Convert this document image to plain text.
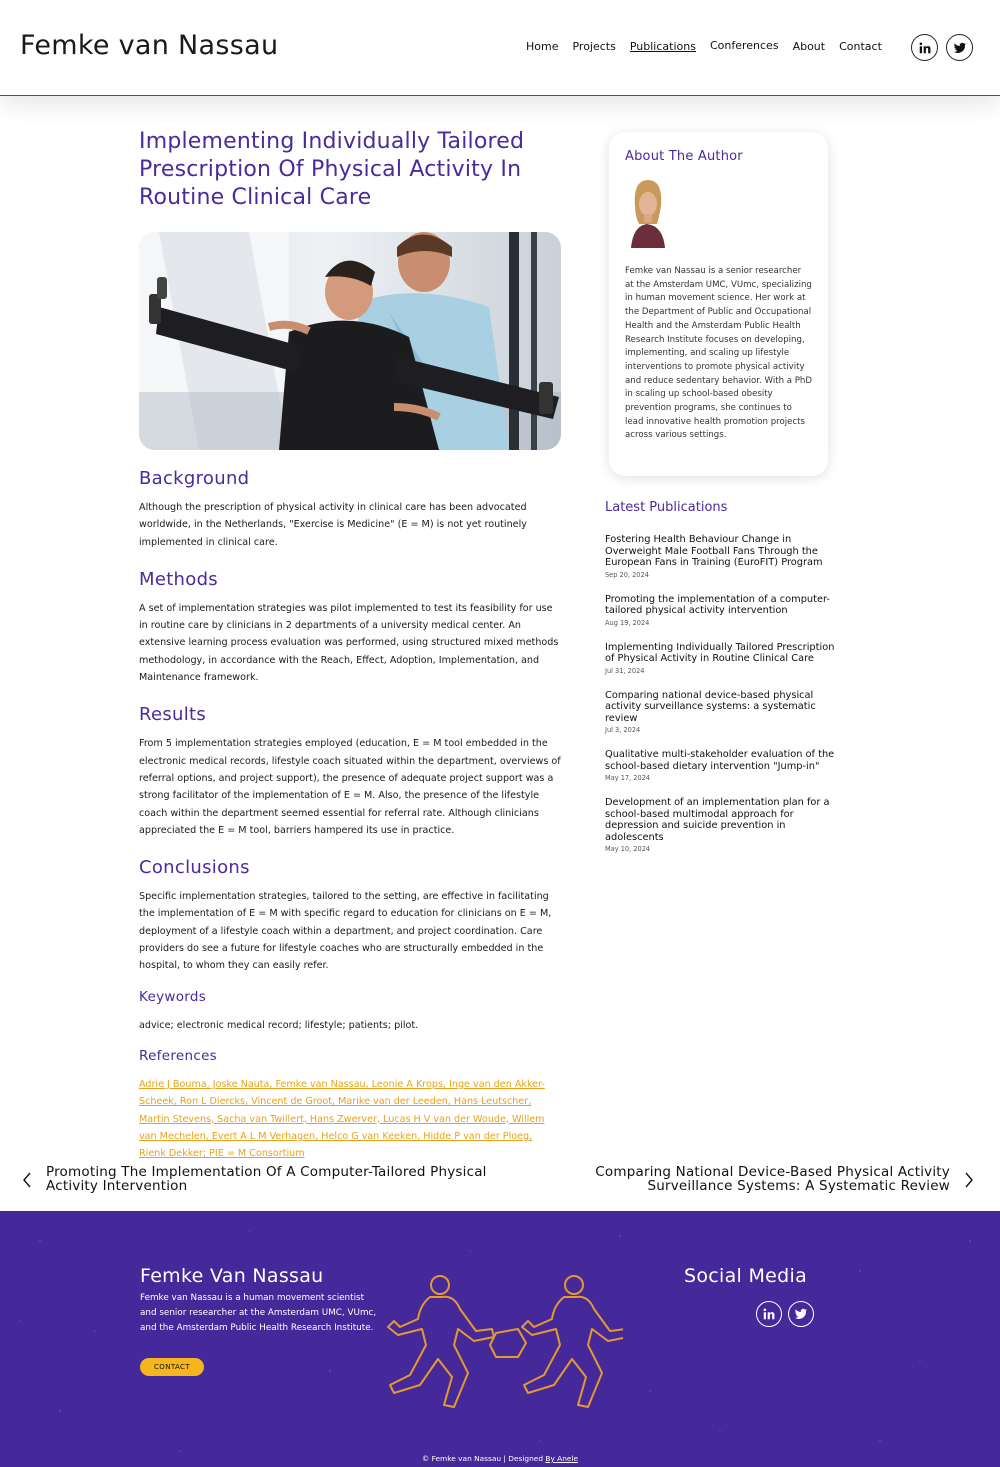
Femke van Nassau	Home Projects Publications Conferences About Contact
Implementing Individually Tailored Prescription Of Physical Activity In Routine Clinical Care
Background

Although the prescription of physical activity in clinical care has been advocated worldwide, in the Netherlands, "Exercise is Medicine" (E = M) is not yet routinely implemented in clinical care.

Methods

A set of implementation strategies was pilot implemented to test its feasibility for use in routine care by clinicians in 2 departments of a university medical center. An extensive learning process evaluation was performed, using structured mixed methods methodology, in accordance with the Reach, Effect, Adoption, Implementation, and Maintenance framework.

Results

From 5 implementation strategies employed (education, E = M tool embedded in the electronic medical records, lifestyle coach situated within the department, overviews of referral options, and project support), the presence of adequate project support was a strong facilitator of the implementation of E = M. Also, the presence of the lifestyle coach within the department seemed essential for referral rate. Although clinicians appreciated the E = M tool, barriers hampered its use in practice.

Conclusions

Specific implementation strategies, tailored to the setting, are effective in facilitating the implementation of E = M with specific regard to education for clinicians on E = M, deployment of a lifestyle coach within a department, and project coordination. Care providers do see a future for lifestyle coaches who are structurally embedded in the hospital, to whom they can easily refer.

Keywords

advice; electronic medical record; lifestyle; patients; pilot.

References

Adrie J Bouma, Joske Nauta, Femke van Nassau, Leonie A Krops, Inge van den Akker-Scheek, Ron L Diercks, Vincent de Groot, Marike van der Leeden, Hans Leutscher, Martin Stevens, Sacha van Twillert, Hans Zwerver, Lucas H V van der Woude, Willem van Mechelen, Evert A L M Verhagen, Helco G van Keeken, Hidde P van der Ploeg, Rienk Dekker; PIE = M Consortium

About The Author

Femke van Nassau is a senior researcher at the Amsterdam UMC, VUmc, specializing in human movement science. Her work at the Department of Public and Occupational Health and the Amsterdam Public Health Research Institute focuses on developing, implementing, and scaling up lifestyle interventions to promote physical activity and reduce sedentary behavior. With a PhD in scaling up school-based obesity prevention programs, she continues to lead innovative health promotion projects across various settings.

Latest Publications
Fostering Health Behaviour Change in Overweight Male Football Fans Through the European Fans in Training (EuroFIT) Program
Sep 20, 2024
Promoting the implementation of a computer-tailored physical activity intervention
Aug 19, 2024
Implementing Individually Tailored Prescription of Physical Activity in Routine Clinical Care
Jul 31, 2024
Comparing national device-based physical activity surveillance systems: a systematic review
Jul 3, 2024
Qualitative multi-stakeholder evaluation of the school-based dietary intervention "Jump-in"
May 17, 2024
Development of an implementation plan for a school-based multimodal approach for depression and suicide prevention in adolescents
May 10, 2024
Promoting The Implementation Of A Computer-Tailored Physical Activity Intervention
Comparing National Device-Based Physical Activity Surveillance Systems: A Systematic Review
Femke Van Nassau

Femke van Nassau is a human movement scientist and senior researcher at the Amsterdam UMC, VUmc, and the Amsterdam Public Health Research Institute.

CONTACT
Social Media
© Femke van Nassau | Designed By Anele
